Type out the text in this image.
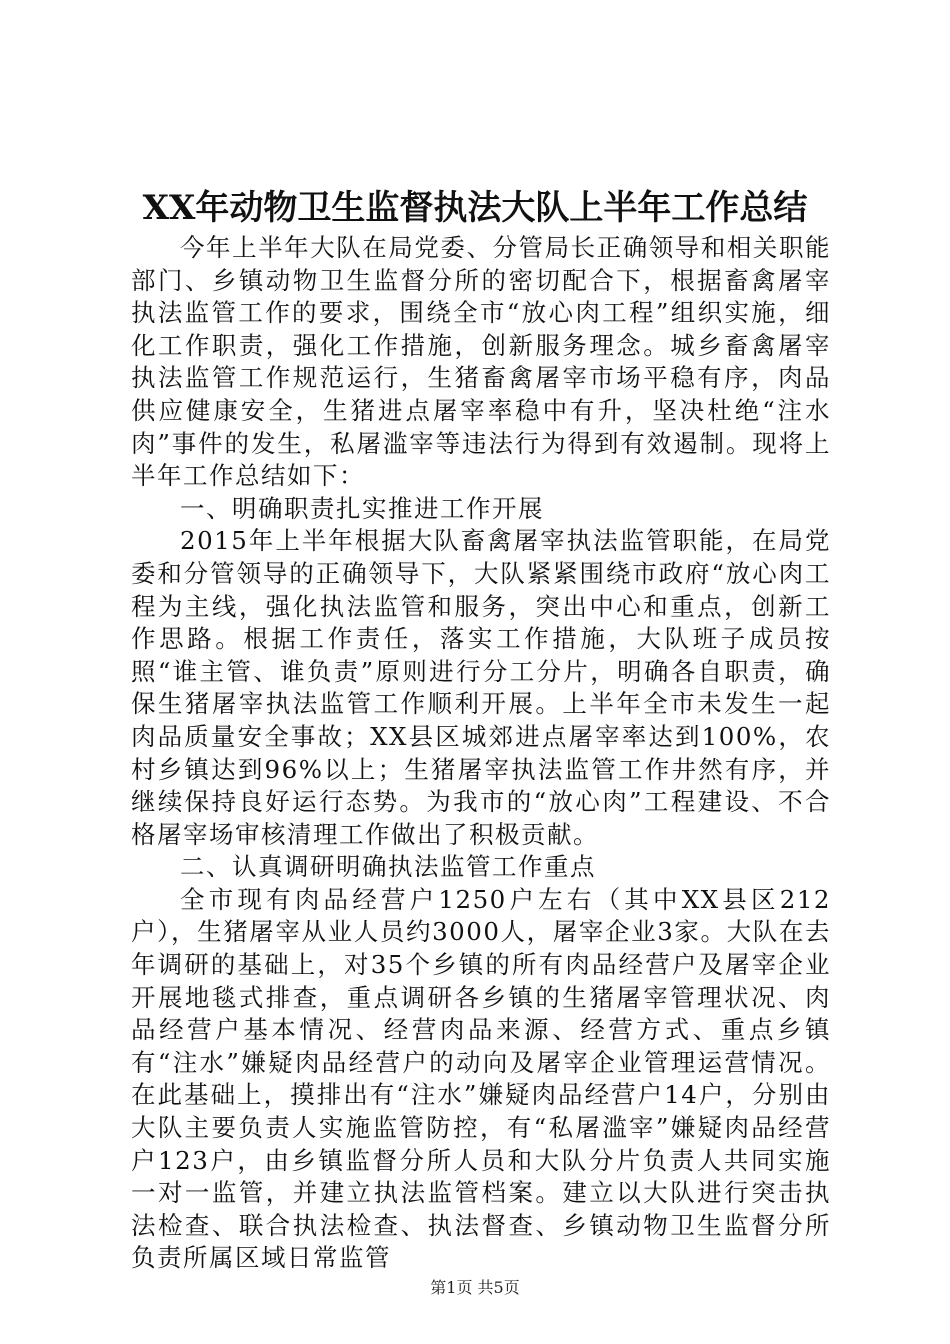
XX年动物卫生监督执法大队上半年工作总结

今年上半年大队在局党委、分管局长正确领导和相关职能部门、乡镇动物卫生监督分所的密切配合下，根据畜禽屠宰执法监管工作的要求，围绕全市“放心肉工程”组织实施，细化工作职责，强化工作措施，创新服务理念。城乡畜禽屠宰执法监管工作规范运行，生猪畜禽屠宰市场平稳有序，肉品供应健康安全，生猪进点屠宰率稳中有升，坚决杜绝“注水肉”事件的发生，私屠滥宰等违法行为得到有效遏制。现将上半年工作总结如下：

一、明确职责扎实推进工作开展

2015年上半年根据大队畜禽屠宰执法监管职能，在局党委和分管领导的正确领导下，大队紧紧围绕市政府“放心肉工程为主线，强化执法监管和服务，突出中心和重点，创新工作思路。根据工作责任，落实工作措施，大队班子成员按照“谁主管、谁负责”原则进行分工分片，明确各自职责，确保生猪屠宰执法监管工作顺利开展。上半年全市未发生一起肉品质量安全事故；XX县区城郊进点屠宰率达到100%，农村乡镇达到96%以上；生猪屠宰执法监管工作井然有序，并继续保持良好运行态势。为我市的“放心肉”工程建设、不合格屠宰场审核清理工作做出了积极贡献。

二、认真调研明确执法监管工作重点

全市现有肉品经营户1250户左右（其中XX县区212户），生猪屠宰从业人员约3000人，屠宰企业3家。大队在去年调研的基础上，对35个乡镇的所有肉品经营户及屠宰企业开展地毯式排查，重点调研各乡镇的生猪屠宰管理状况、肉品经营户基本情况、经营肉品来源、经营方式、重点乡镇有“注水”嫌疑肉品经营户的动向及屠宰企业管理运营情况。在此基础上，摸排出有“注水”嫌疑肉品经营户14户，分别由大队主要负责人实施监管防控，有“私屠滥宰”嫌疑肉品经营户123户，由乡镇监督分所人员和大队分片负责人共同实施一对一监管，并建立执法监管档案。建立以大队进行突击执法检查、联合执法检查、执法督查、乡镇动物卫生监督分所负责所属区域日常监管

第1页 共5页
